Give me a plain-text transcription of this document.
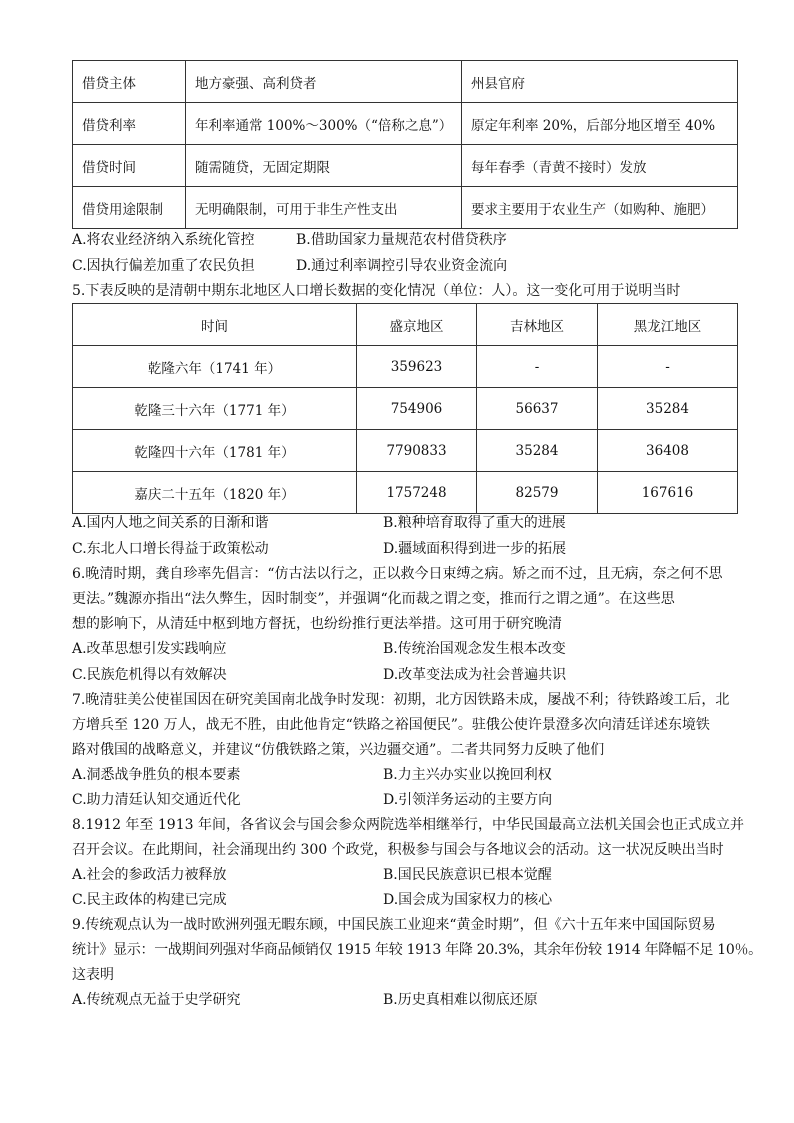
借贷主体	地方豪强、高利贷者	州县官府
借贷利率	年利率通常 100%～300%（“倍称之息”）	原定年利率 20%，后部分地区增至 40%
借贷时间	随需随贷，无固定期限	每年春季（青黄不接时）发放
借贷用途限制	无明确限制，可用于非生产性支出	要求主要用于农业生产（如购种、施肥）
A.将农业经济纳入系统化管控	B.借助国家力量规范农村借贷秩序
C.因执行偏差加重了农民负担	D.通过利率调控引导农业资金流向
5.下表反映的是清朝中期东北地区人口增长数据的变化情况（单位：人）。这一变化可用于说明当时
时间	盛京地区	吉林地区	黑龙江地区
乾隆六年（1741 年）	359623	-	-
乾隆三十六年（1771 年）	754906	56637	35284
乾隆四十六年（1781 年）	7790833	35284	36408
嘉庆二十五年（1820 年）	1757248	82579	167616
A.国内人地之间关系的日渐和谐	B.粮种培育取得了重大的进展
C.东北人口增长得益于政策松动	D.疆域面积得到进一步的拓展
6.晚清时期，龚自珍率先倡言：“仿古法以行之，正以救今日束缚之病。矫之而不过，且无病，奈之何不思
更法。”魏源亦指出“法久弊生，因时制变”，并强调“化而裁之谓之变，推而行之谓之通”。在这些思
想的影响下，从清廷中枢到地方督抚，也纷纷推行更法举措。这可用于研究晚清
A.改革思想引发实践响应	B.传统治国观念发生根本改变
C.民族危机得以有效解决	D.改革变法成为社会普遍共识
7.晚清驻美公使崔国因在研究美国南北战争时发现：初期，北方因铁路未成，屡战不利；待铁路竣工后，北
方增兵至 120 万人，战无不胜，由此他肯定“铁路之裕国便民”。驻俄公使许景澄多次向清廷详述东境铁
路对俄国的战略意义，并建议“仿俄铁路之策，兴边疆交通”。二者共同努力反映了他们
A.洞悉战争胜负的根本要素	B.力主兴办实业以挽回利权
C.助力清廷认知交通近代化	D.引领洋务运动的主要方向
8.1912 年至 1913 年间，各省议会与国会参众两院选举相继举行，中华民国最高立法机关国会也正式成立并
召开会议。在此期间，社会涌现出约 300 个政党，积极参与国会与各地议会的活动。这一状况反映出当时
A.社会的参政活力被释放	B.国民民族意识已根本觉醒
C.民主政体的构建已完成	D.国会成为国家权力的核心
9.传统观点认为一战时欧洲列强无暇东顾，中国民族工业迎来“黄金时期”，但《六十五年来中国国际贸易
统计》显示：一战期间列强对华商品倾销仅 1915 年较 1913 年降 20.3%，其余年份较 1914 年降幅不足 10％。
这表明
A.传统观点无益于史学研究	B.历史真相难以彻底还原
